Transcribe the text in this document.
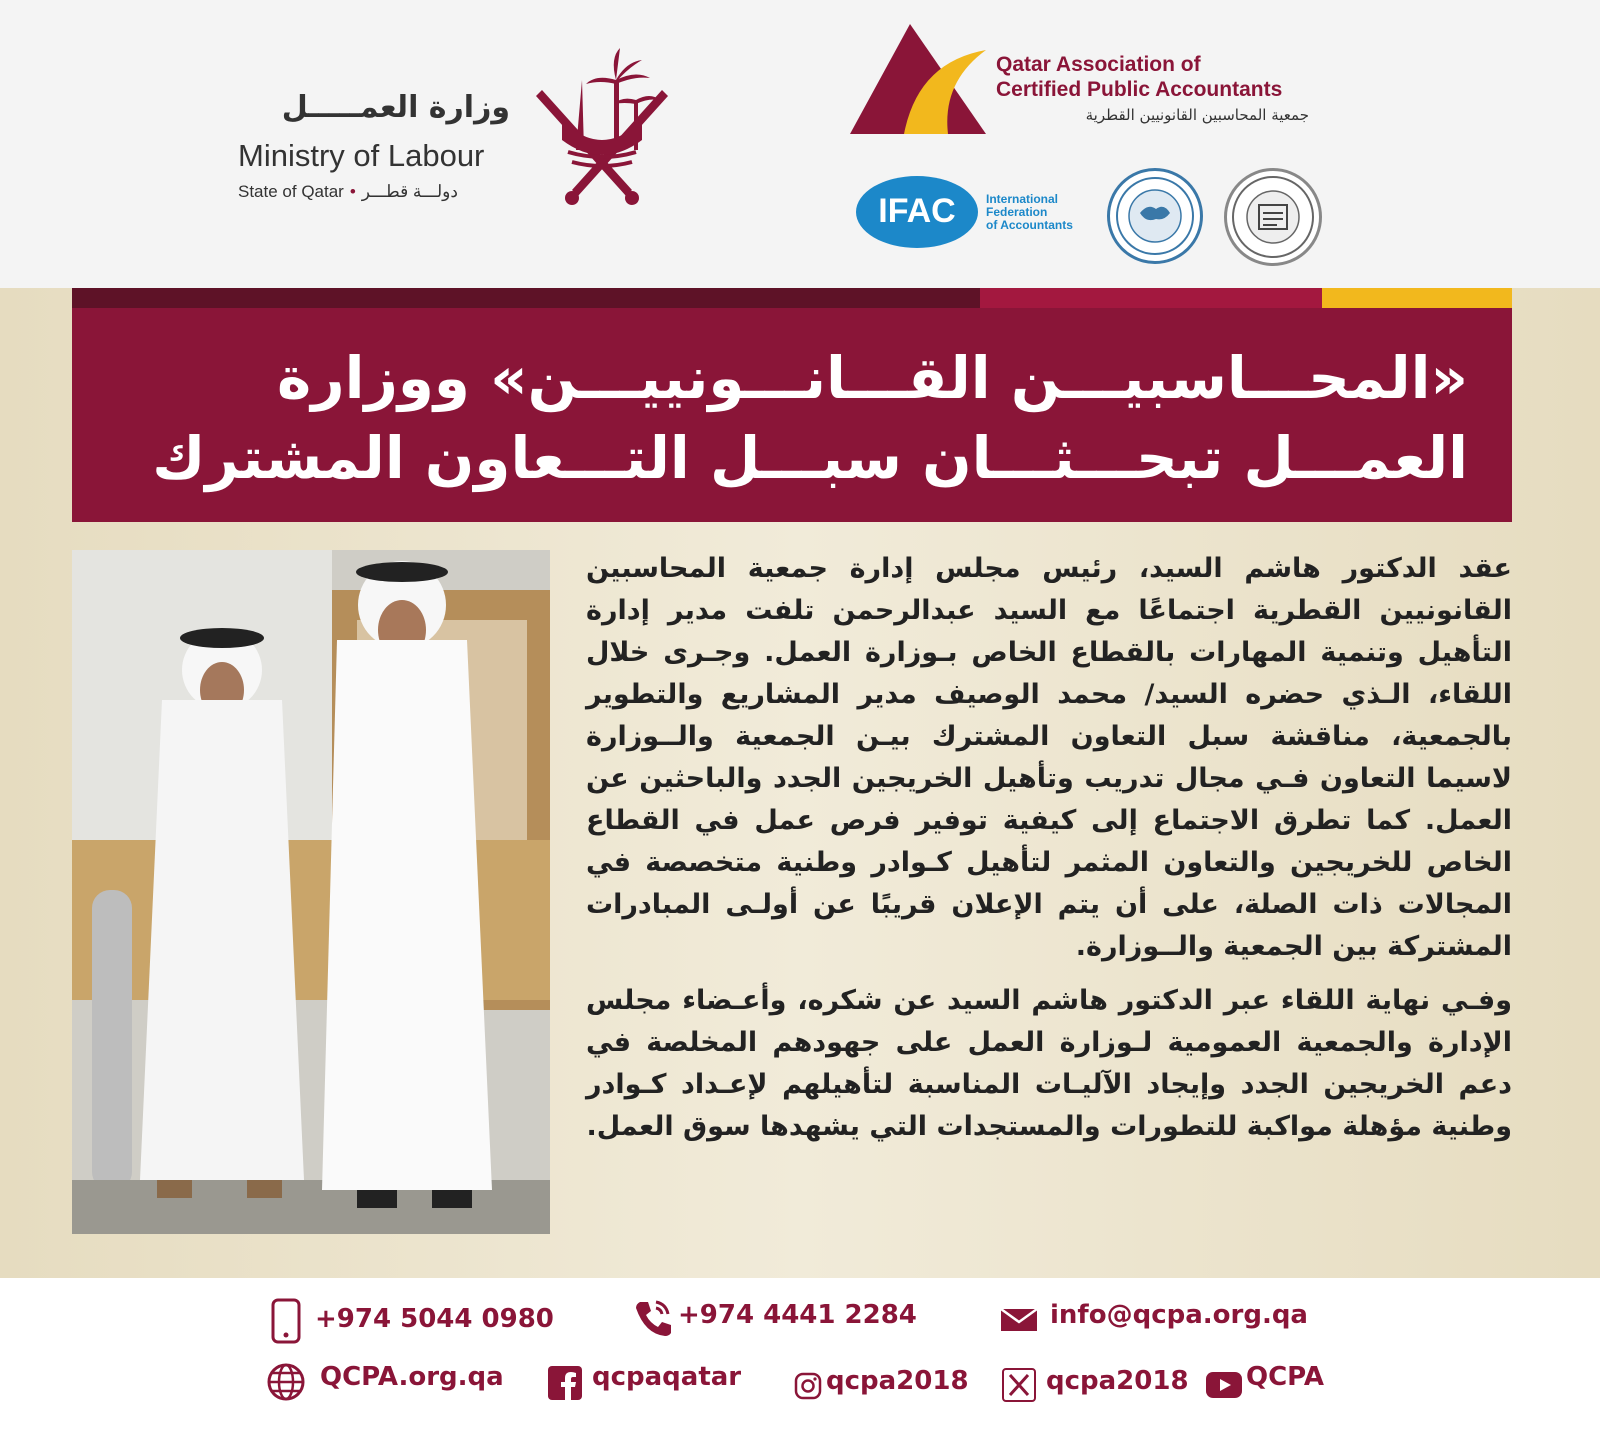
وزارة العمـــــل
Ministry of Labour
State of Qatar • دولـــة قطـــر
Qatar Association of
Certified Public Accountants
جمعية المحاسبين القانونيين القطرية
IFAC	International
Federation
of Accountants
«المحـــاسبيـــن القـــانـــونييـــن» ووزارة
العمـــل تبحـــثـــان سبـــل التـــعاون المشترك

عقد الدكتور هاشم السيد، رئيس مجلس إدارة جمعية المحاسبين القانونيين القطرية اجتماعًا مع السيد عبدالرحمن تلفت مدير إدارة التأهيل وتنمية المهارات بالقطاع الخاص بـوزارة العمل. وجـرى خلال اللقاء، الـذي حضره السيد/ محمد الوصيف مدير المشاريع والتطوير بالجمعية، مناقشة سبل التعاون المشترك بيـن الجمعية والــوزارة لاسيما التعاون فـي مجال تدريب وتأهيل الخريجين الجدد والباحثين عن العمل. كما تطرق الاجتماع إلى كيفية توفير فرص عمل في القطاع الخاص للخريجين والتعاون المثمر لتأهيل كـوادر وطنية متخصصة في المجالات ذات الصلة، على أن يتم الإعلان قريبًا عن أولـى المبادرات المشتركة بين الجمعية والــوزارة.

وفـي نهاية اللقاء عبر الدكتور هاشم السيد عن شكره، وأعـضاء مجلس الإدارة والجمعية العمومية لـوزارة العمل على جهودهم المخلصة في دعم الخريجين الجدد وإيجاد الآليـات المناسبة لتأهيلهم لإعـداد كـوادر وطنية مؤهلة مواكبة للتطورات والمستجدات التي يشهدها سوق العمل.

+974 5044 0980	+974 4441 2284	info@qcpa.org.qa
QCPA.org.qa	qcpaqatar	qcpa2018	qcpa2018 QCPA
